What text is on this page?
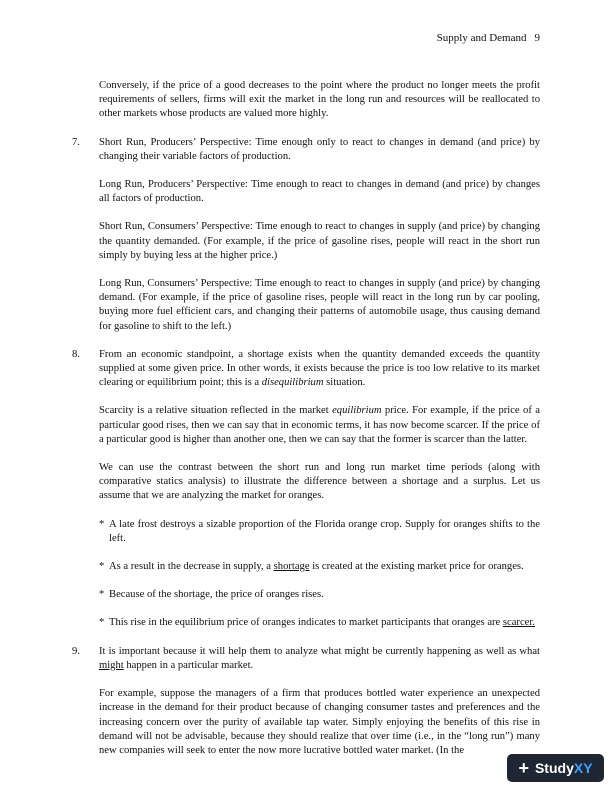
Supply and Demand 9

Conversely, if the price of a good decreases to the point where the product no longer meets the profit requirements of sellers, firms will exit the market in the long run and resources will be reallocated to other markets whose products are valued more highly.

7. Short Run, Producers’ Perspective: Time enough only to react to changes in demand (and price) by changing their variable factors of production.

Long Run, Producers’ Perspective: Time enough to react to changes in demand (and price) by changes all factors of production.

Short Run, Consumers’ Perspective: Time enough to react to changes in supply (and price) by changing the quantity demanded. (For example, if the price of gasoline rises, people will react in the short run simply by buying less at the higher price.)

Long Run, Consumers’ Perspective: Time enough to react to changes in supply (and price) by changing demand. (For example, if the price of gasoline rises, people will react in the long run by car pooling, buying more fuel efficient cars, and changing their patterns of automobile usage, thus causing demand for gasoline to shift to the left.)

8. From an economic standpoint, a shortage exists when the quantity demanded exceeds the quantity supplied at some given price. In other words, it exists because the price is too low relative to its market clearing or equilibrium point; this is a disequilibrium situation.

Scarcity is a relative situation reflected in the market equilibrium price. For example, if the price of a particular good rises, then we can say that in economic terms, it has now become scarcer. If the price of a particular good is higher than another one, then we can say that the former is scarcer than the latter.

We can use the contrast between the short run and long run market time periods (along with comparative statics analysis) to illustrate the difference between a shortage and a surplus. Let us assume that we are analyzing the market for oranges.

* A late frost destroys a sizable proportion of the Florida orange crop. Supply for oranges shifts to the left.

* As a result in the decrease in supply, a shortage is created at the existing market price for oranges.

* Because of the shortage, the price of oranges rises.

* This rise in the equilibrium price of oranges indicates to market participants that oranges are scarcer.

9. It is important because it will help them to analyze what might be currently happening as well as what might happen in a particular market.

For example, suppose the managers of a firm that produces bottled water experience an unexpected increase in the demand for their product because of changing consumer tastes and preferences and the increasing concern over the purity of available tap water. Simply enjoying the benefits of this rise in demand will not be advisable, because they should realize that over time (i.e., in the “long run”) many new companies will seek to enter the now more lucrative bottled water market. (In the

+ Study XY
